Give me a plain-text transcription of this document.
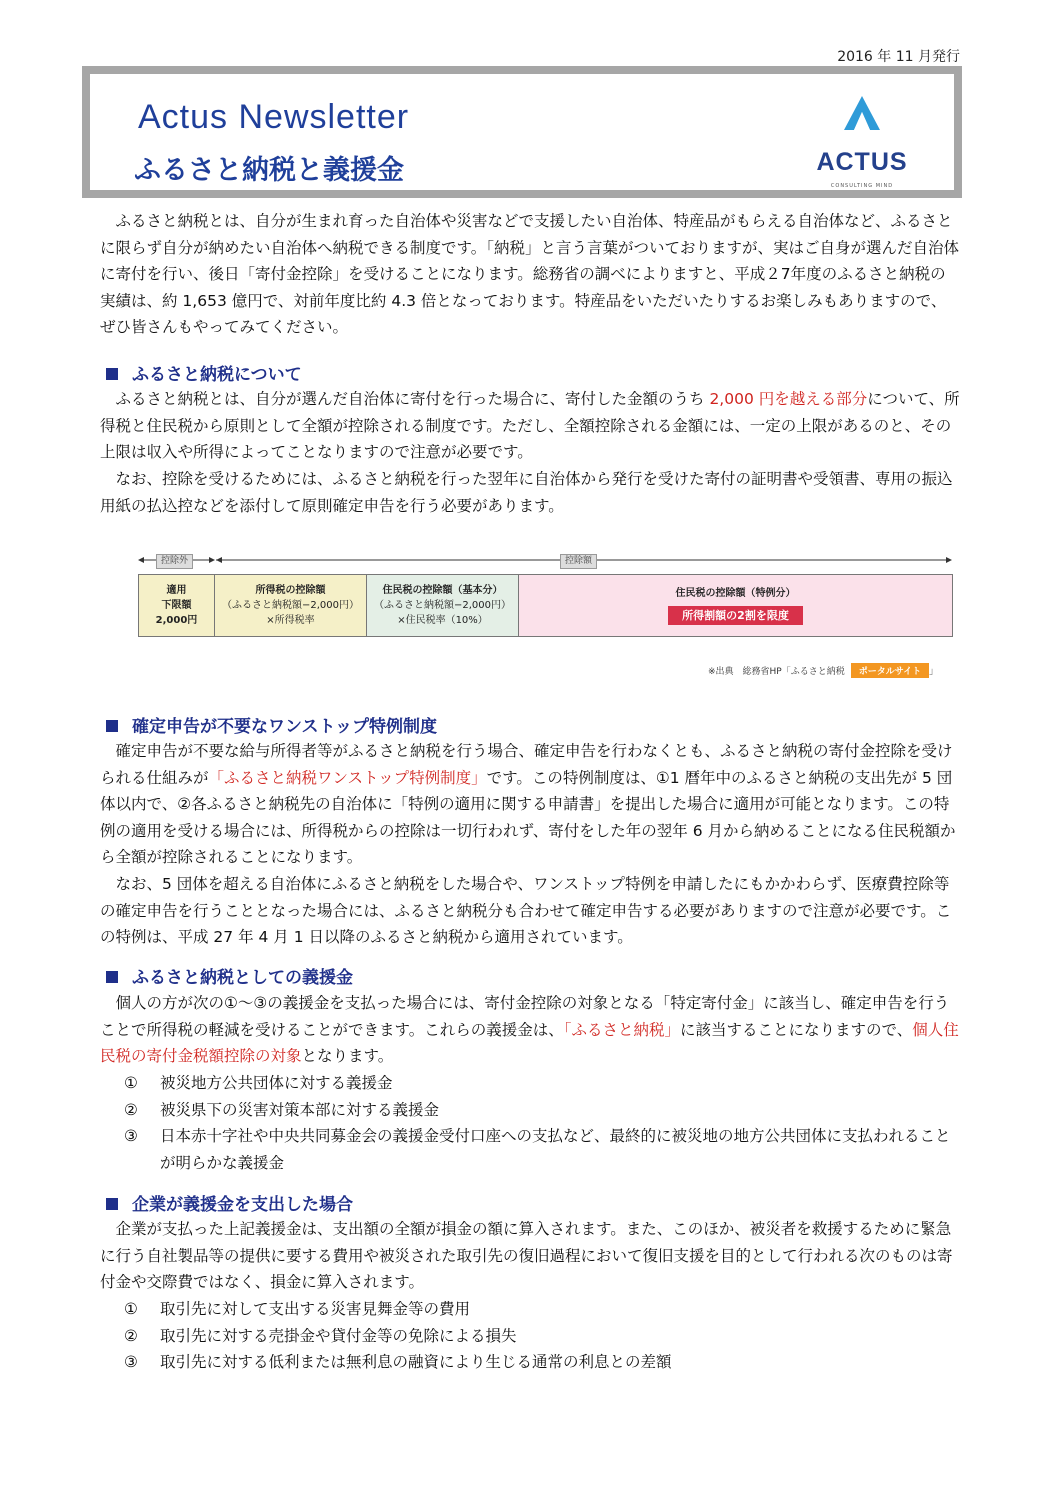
2016 年 11 月発行
Actus Newsletter
ふるさと納税と義援金	ACTUS
CONSULTING MIND

ふるさと納税とは、自分が生まれ育った自治体や災害などで支援したい自治体、特産品がもらえる自治体など、ふるさとに限らず自分が納めたい自治体へ納税できる制度です。「納税」と言う言葉がついておりますが、実はご自身が選んだ自治体に寄付を行い、後日「寄付金控除」を受けることになります。総務省の調べによりますと、平成２7年度のふるさと納税の実績は、約 1,653 億円で、対前年度比約 4.3 倍となっております。特産品をいただいたりするお楽しみもありますので、ぜひ皆さんもやってみてください。

ふるさと納税について

ふるさと納税とは、自分が選んだ自治体に寄付を行った場合に、寄付した金額のうち 2,000 円を越える部分について、所得税と住民税から原則として全額が控除される制度です。ただし、全額控除される金額には、一定の上限があるのと、その上限は収入や所得によってことなりますので注意が必要です。

なお、控除を受けるためには、ふるさと納税を行った翌年に自治体から発行を受けた寄付の証明書や受領書、専用の振込用紙の払込控などを添付して原則確定申告を行う必要があります。

控除外	控除額
適用
下限額
2,000円
所得税の控除額
（ふるさと納税額−2,000円）
×所得税率
住民税の控除額（基本分）
（ふるさと納税額−2,000円）
×住民税率（10%）
住民税の控除額（特例分）
所得割額の2割を限度
※出典　総務省HP「ふるさと納税	ポータルサイト 」
確定申告が不要なワンストップ特例制度

確定申告が不要な給与所得者等がふるさと納税を行う場合、確定申告を行わなくとも、ふるさと納税の寄付金控除を受けられる仕組みが「ふるさと納税ワンストップ特例制度」です。この特例制度は、①1 暦年中のふるさと納税の支出先が 5 団体以内で、②各ふるさと納税先の自治体に「特例の適用に関する申請書」を提出した場合に適用が可能となります。この特例の適用を受ける場合には、所得税からの控除は一切行われず、寄付をした年の翌年 6 月から納めることになる住民税額から全額が控除されることになります。

なお、5 団体を超える自治体にふるさと納税をした場合や、ワンストップ特例を申請したにもかかわらず、医療費控除等の確定申告を行うこととなった場合には、ふるさと納税分も合わせて確定申告する必要がありますので注意が必要です。この特例は、平成 27 年 4 月 1 日以降のふるさと納税から適用されています。

ふるさと納税としての義援金

個人の方が次の①～③の義援金を支払った場合には、寄付金控除の対象となる「特定寄付金」に該当し、確定申告を行うことで所得税の軽減を受けることができます。これらの義援金は、「ふるさと納税」に該当することになりますので、個人住民税の寄付金税額控除の対象となります。

①	被災地方公共団体に対する義援金
②	被災県下の災害対策本部に対する義援金
③	日本赤十字社や中央共同募金会の義援金受付口座への支払など、最終的に被災地の地方公共団体に支払われることが明らかな義援金
企業が義援金を支出した場合

企業が支払った上記義援金は、支出額の全額が損金の額に算入されます。また、このほか、被災者を救援するために緊急に行う自社製品等の提供に要する費用や被災された取引先の復旧過程において復旧支援を目的として行われる次のものは寄付金や交際費ではなく、損金に算入されます。

①	取引先に対して支出する災害見舞金等の費用
②	取引先に対する売掛金や貸付金等の免除による損失
③	取引先に対する低利または無利息の融資により生じる通常の利息との差額
